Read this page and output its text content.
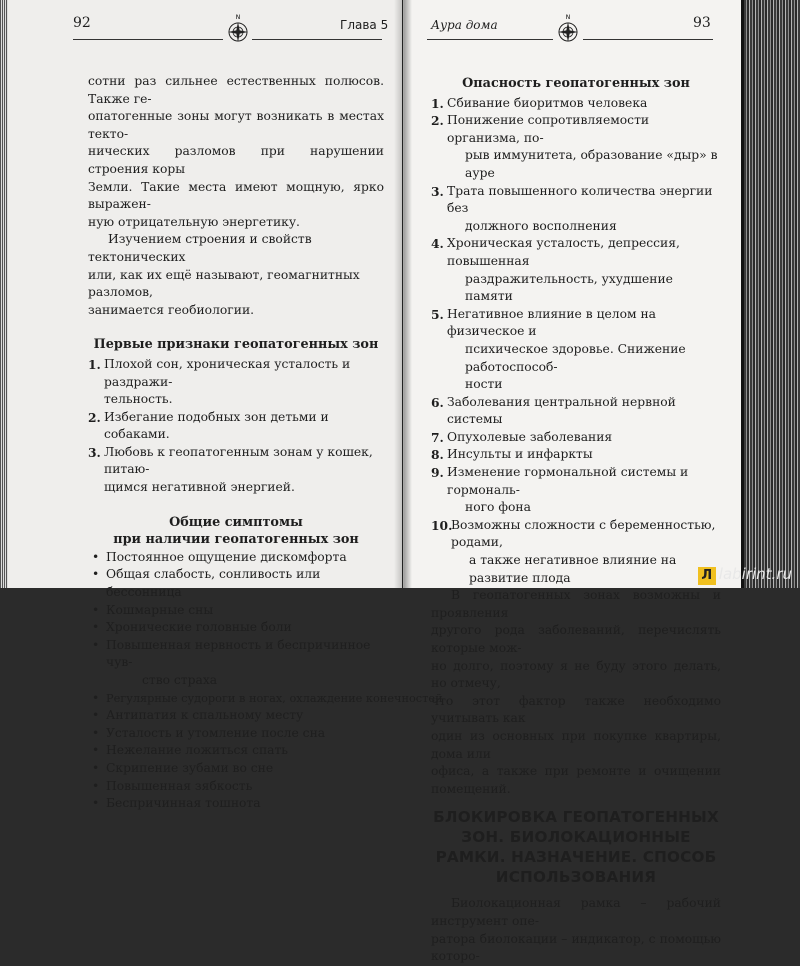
92	N
Глава 5
сотни раз сильнее естественных полюсов. Также ге-
опатогенные зоны могут возникать в местах текто-
нических разломов при нарушении строения коры
Земли. Такие места имеют мощную, ярко выражен-
ную отрицательную энергетику.
Изучением строения и свойств тектонических
или, как их ещё называют, геомагнитных разломов,
занимается геобиологии.

Первые признаки геопатогенных зон

1. Плохой сон, хроническая усталость и раздражи-
тельность.
2. Избегание подобных зон детьми и собаками.
3. Любовь к геопатогенным зонам у кошек, питаю-
щимся негативной энергией.

Общие симптомы

при наличии геопатогенных зон

• Постоянное ощущение дискомфорта
• Общая слабость, сонливость или бессонница
• Кошмарные сны
• Хронические головные боли
• Повышенная нервность и беспричинное чув-
ство страха
• Регулярные судороги в ногах, охлаждение конечностей
• Антипатия к спальному месту
• Усталость и утомление после сна
• Нежелание ложиться спать
• Скрипение зубами во сне
• Повышенная зябкость
• Беспричинная тошнота
Аура дома
N	93

Опасность геопатогенных зон

1. Сбивание биоритмов человека
2. Понижение сопротивляемости организма, по-
рыв иммунитета, образование «дыр» в ауре
3. Трата повышенного количества энергии без
должного восполнения
4. Хроническая усталость, депрессия, повышенная
раздражительность, ухудшение памяти
5. Негативное влияние в целом на физическое и
психическое здоровье. Снижение работоспособ-
ности
6. Заболевания центральной нервной системы
7. Опухолевые заболевания
8. Инсульты и инфаркты
9. Изменение гормональной системы и гормональ-
ного фона
10.
Возможны сложности с беременностью, родами,
а также негативное влияние на развитие плода
В геопатогенных зонах возможны и проявления
другого рода заболеваний, перечислять которые мож-
но долго, поэтому я не буду этого делать, но отмечу,
что этот фактор также необходимо учитывать как
один из основных при покупке квартиры, дома или
офиса, а также при ремонте и очищении помещений.

БЛОКИРОВКА ГЕОПАТОГЕННЫХ

ЗОН. БИОЛОКАЦИОННЫЕ

РАМКИ. НАЗНАЧЕНИЕ. СПОСОБ

ИСПОЛЬЗОВАНИЯ

Биолокационная рамка – рабочий инструмент опе-
ратора биолокации – индикатор, с помощью которо-
Л labirint.ru
